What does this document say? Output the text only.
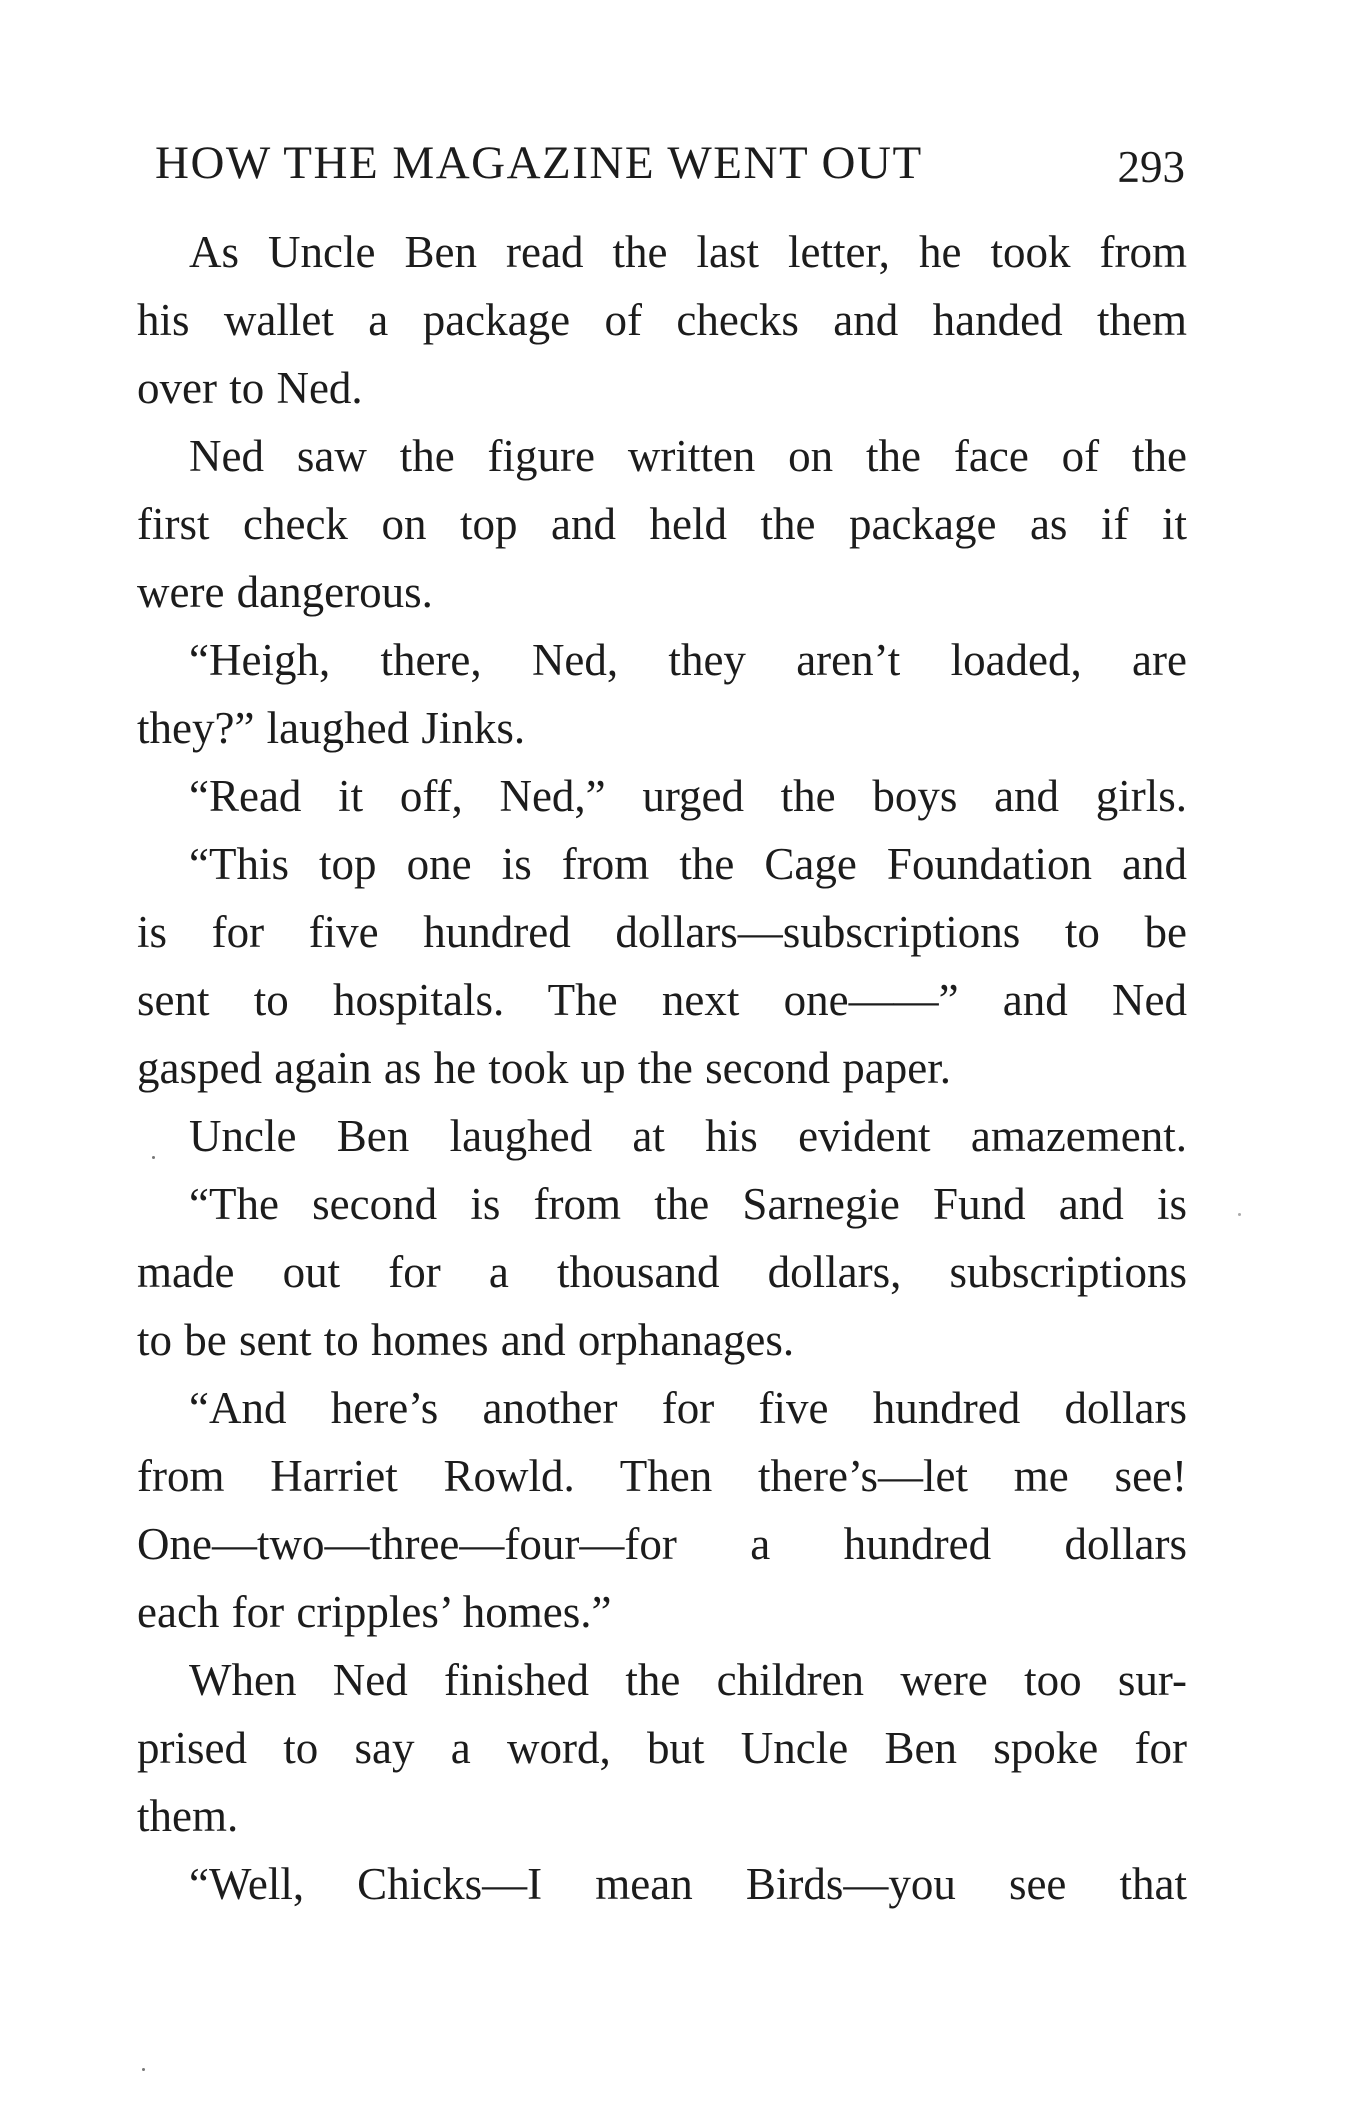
HOW THE MAGAZINE WENT OUT	293
As Uncle Ben read the last letter, he took from
his wallet a package of checks and handed them
over to Ned.
Ned saw the figure written on the face of the
first check on top and held the package as if it
were dangerous.
“Heigh, there, Ned, they aren’t loaded, are
they?” laughed Jinks.
“Read it off, Ned,” urged the boys and girls.
“This top one is from the Cage Foundation and
is for five hundred dollars—subscriptions to be
sent to hospitals. The next one——” and Ned
gasped again as he took up the second paper.
Uncle Ben laughed at his evident amazement.
“The second is from the Sarnegie Fund and is
made out for a thousand dollars, subscriptions
to be sent to homes and orphanages.
“And here’s another for five hundred dollars
from Harriet Rowld. Then there’s—let me see!
One—two—three—four—for a hundred dollars
each for cripples’ homes.”
When Ned finished the children were too sur-
prised to say a word, but Uncle Ben spoke for
them.
“Well, Chicks—I mean Birds—you see that
